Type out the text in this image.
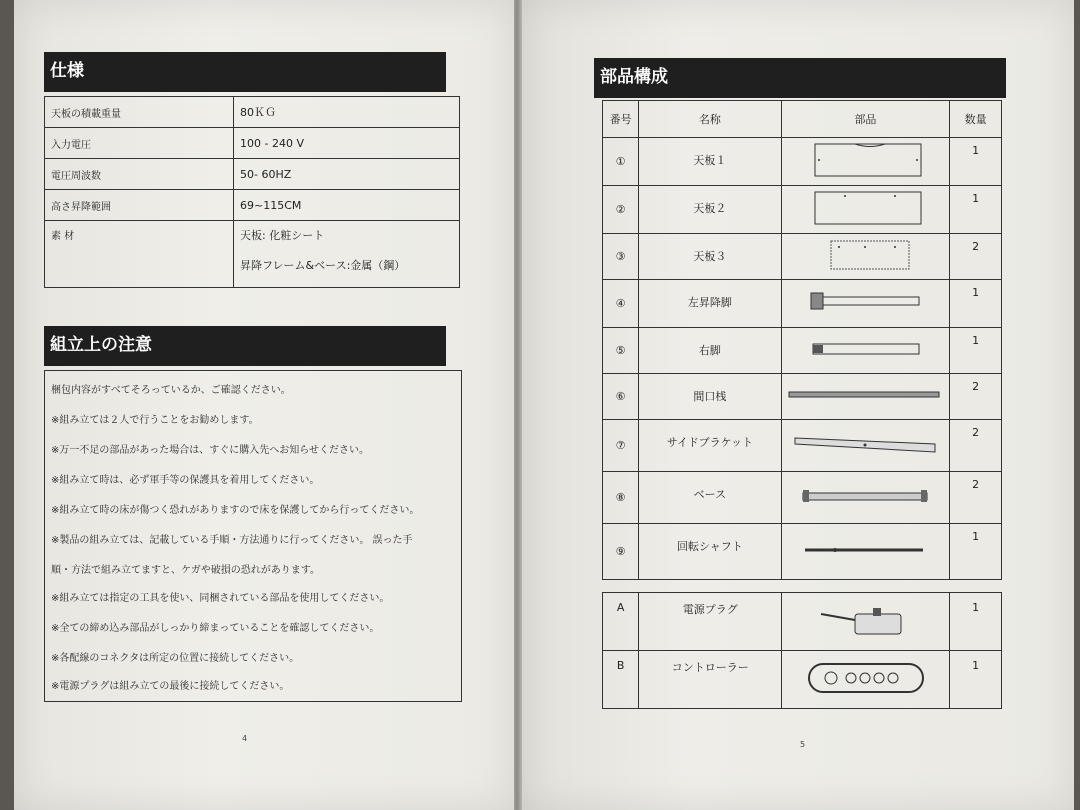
仕様
天板の積載重量	80ＫＧ
入力電圧	100 - 240 V
電圧周波数	50- 60HZ
高さ昇降範囲	69~115CM
素 材	天板: 化粧シート
昇降フレーム&ベース:金属（鋼）
組立上の注意
梱包内容がすべてそろっているか、ご確認ください。
※組み立ては２人で行うことをお勧めします。
※万一不足の部品があった場合は、すぐに購入先へお知らせください。
※組み立て時は、必ず軍手等の保護具を着用してください。
※組み立て時の床が傷つく恐れがありますので床を保護してから行ってください。
※製品の組み立ては、記載している手順・方法通りに行ってください。 誤った手
順・方法で組み立てますと、ケガや破損の恐れがあります。
※組み立ては指定の工具を使い、同梱されている部品を使用してください。
※全ての締め込み部品がしっかり締まっていることを確認してください。
※各配線のコネクタは所定の位置に接続してください。
※電源プラグは組み立ての最後に接続してください。
4
部品構成
番号	名称	部品	数量
①	天板１		1
②	天板２		1
③	天板３		2
④	左昇降脚		1
⑤	右脚		1
⑥	間口桟		2
⑦	サイドブラケット		2
⑧	ベース		2
⑨	回転シャフト		1
A	電源プラグ		1
B	コントローラー		1
5
